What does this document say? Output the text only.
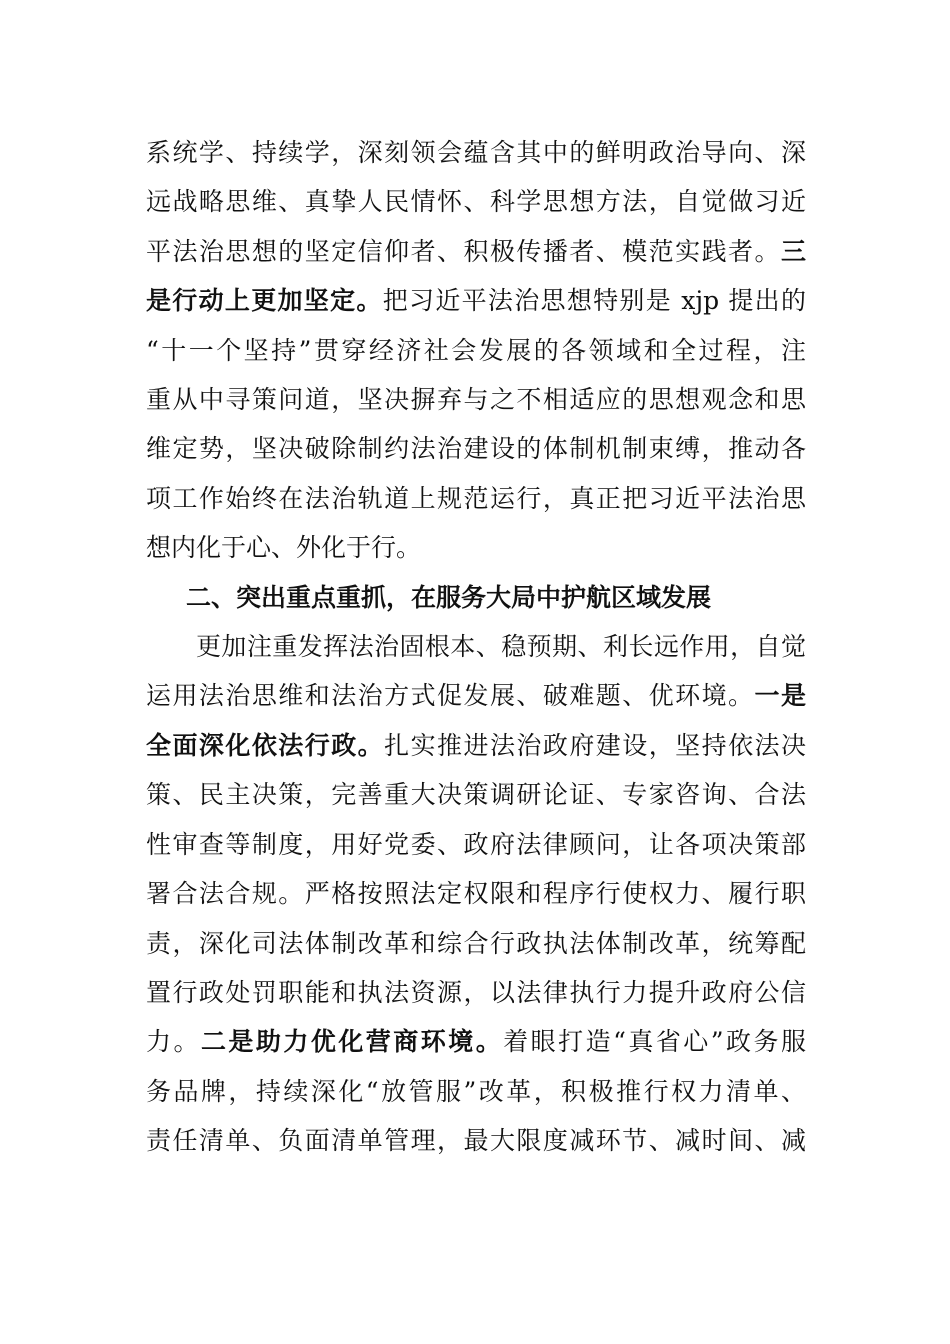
系统学、持续学，深刻领会蕴含其中的鲜明政治导向、深
远战略思维、真挚人民情怀、科学思想方法，自觉做习近
平法治思想的坚定信仰者、积极传播者、模范实践者。三
是行动上更加坚定。把习近平法治思想特别是 xjp 提出的
“十一个坚持”贯穿经济社会发展的各领域和全过程，注
重从中寻策问道，坚决摒弃与之不相适应的思想观念和思
维定势，坚决破除制约法治建设的体制机制束缚，推动各
项工作始终在法治轨道上规范运行，真正把习近平法治思
想内化于心、外化于行。
二、突出重点重抓，在服务大局中护航区域发展
更加注重发挥法治固根本、稳预期、利长远作用，自觉
运用法治思维和法治方式促发展、破难题、优环境。一是
全面深化依法行政。扎实推进法治政府建设，坚持依法决
策、民主决策，完善重大决策调研论证、专家咨询、合法
性审查等制度，用好党委、政府法律顾问，让各项决策部
署合法合规。严格按照法定权限和程序行使权力、履行职
责，深化司法体制改革和综合行政执法体制改革，统筹配
置行政处罚职能和执法资源，以法律执行力提升政府公信
力。二是助力优化营商环境。着眼打造“真省心”政务服
务品牌，持续深化“放管服”改革，积极推行权力清单、
责任清单、负面清单管理，最大限度减环节、减时间、减
